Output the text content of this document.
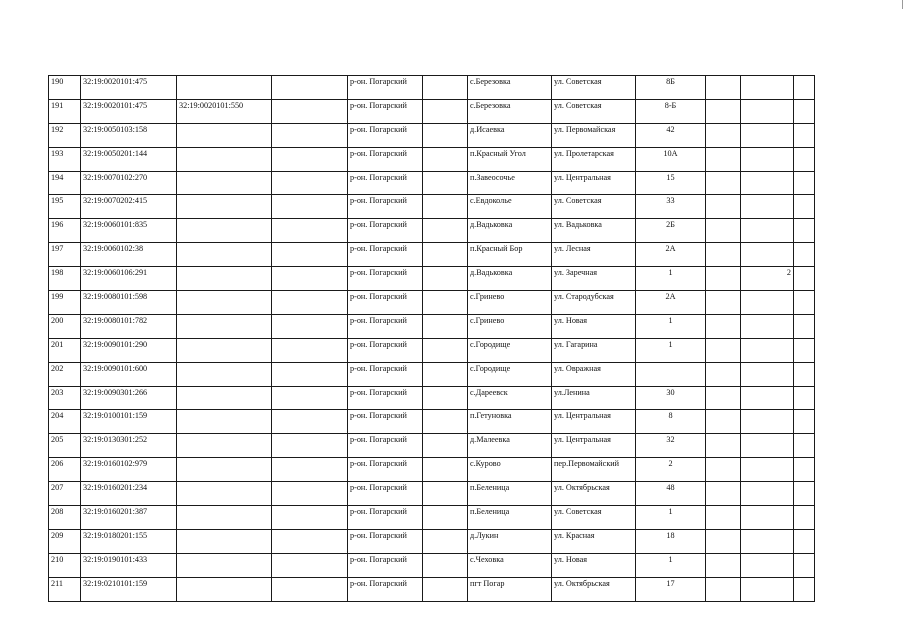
190	32:19:0020101:475			р-он. Погарский		с.Березовка	ул. Советская	8Б			
191	32:19:0020101:475	32:19:0020101:550		р-он. Погарский		с.Березовка	ул. Советская	8-Б			
192	32:19:0050103:158			р-он. Погарский		д.Исаевка	ул. Первомайская	42			
193	32:19:0050201:144			р-он. Погарский		п.Красный Угол	ул. Пролетарская	10А			
194	32:19:0070102:270			р-он. Погарский		п.Завеосочье	ул. Центральная	15			
195	32:19:0070202:415			р-он. Погарский		с.Евдоколье	ул. Советская	33			
196	32:19:0060101:835			р-он. Погарский		д.Вадьковка	ул. Вадьковка	2Б			
197	32:19:0060102:38			р-он. Погарский		п.Красный Бор	ул. Лесная	2А			
198	32:19:0060106:291			р-он. Погарский		д.Вадьковка	ул. Заречная	1		2	
199	32:19:0080101:598			р-он. Погарский		с.Гринево	ул. Стародубская	2А			
200	32:19:0080101:782			р-он. Погарский		с.Гринево	ул. Новая	1			
201	32:19:0090101:290			р-он. Погарский		с.Городище	ул. Гагарина	1			
202	32:19:0090101:600			р-он. Погарский		с.Городище	ул. Овражная				
203	32:19:0090301:266			р-он. Погарский		с.Дареевск	ул.Ленина	30			
204	32:19:0100101:159			р-он. Погарский		п.Гетуновка	ул. Центральная	8			
205	32:19:0130301:252			р-он. Погарский		д.Малеевка	ул. Центральная	32			
206	32:19:0160102:979			р-он. Погарский		с.Курово	пер.Первомайский	2			
207	32:19:0160201:234			р-он. Погарский		п.Беленица	ул. Октябрьская	48			
208	32:19:0160201:387			р-он. Погарский		п.Беленица	ул. Советская	1			
209	32:19:0180201:155			р-он. Погарский		д.Лукин	ул. Красная	18			
210	32:19:0190101:433			р-он. Погарский		с.Чеховка	ул. Новая	1			
211	32:19:0210101:159			р-он. Погарский		пгт Погар	ул. Октябрьская	17			
